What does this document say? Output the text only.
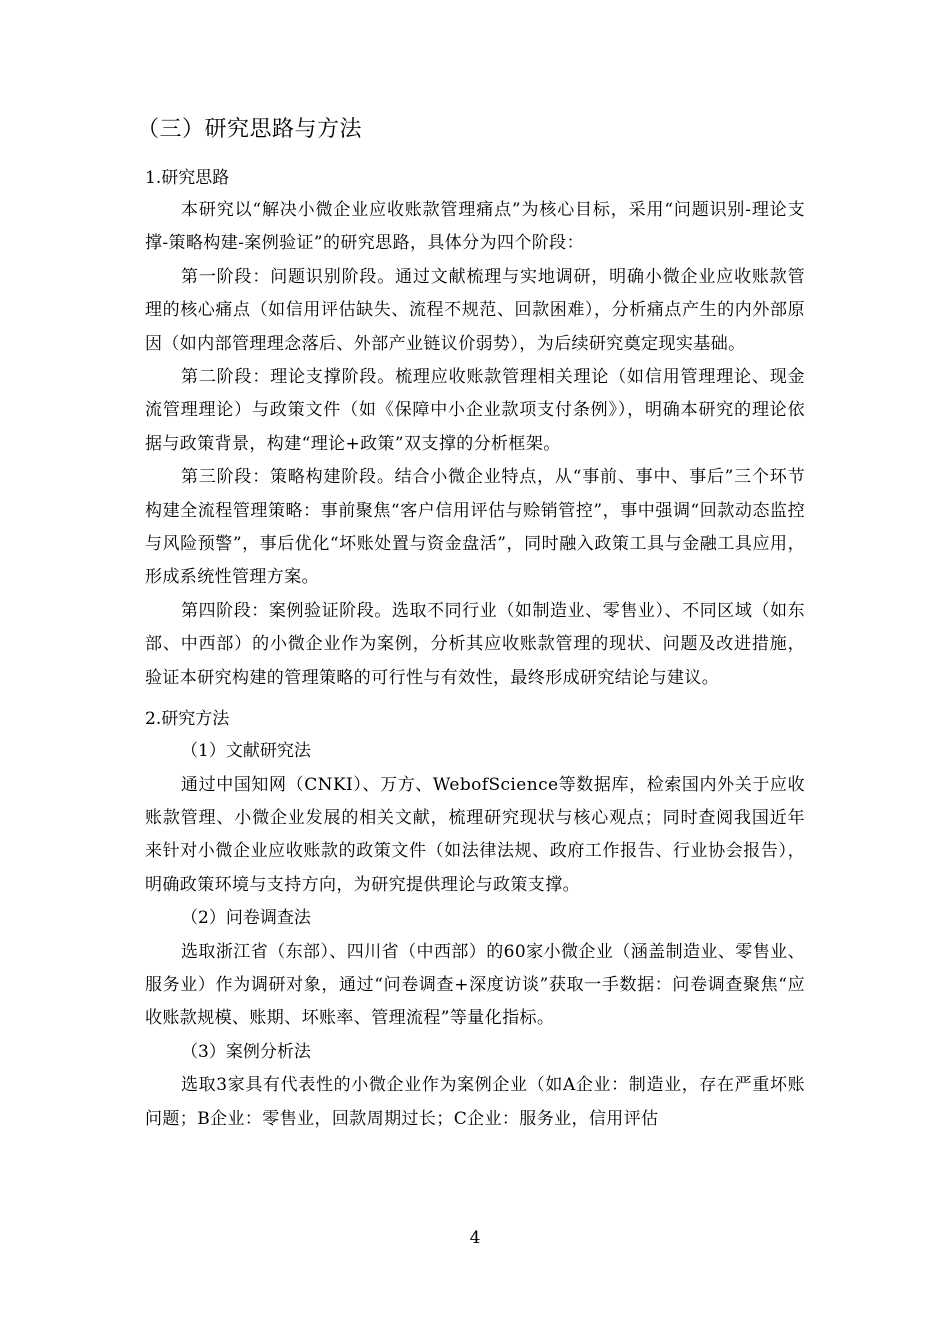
（三）研究思路与方法

1.研究思路

本研究以“解决小微企业应收账款管理痛点”为核心目标，采用“问题识别-理论支撑-策略构建-案例验证”的研究思路，具体分为四个阶段：

第一阶段：问题识别阶段。通过文献梳理与实地调研，明确小微企业应收账款管理的核心痛点（如信用评估缺失、流程不规范、回款困难），分析痛点产生的内外部原因（如内部管理理念落后、外部产业链议价弱势），为后续研究奠定现实基础。

第二阶段：理论支撑阶段。梳理应收账款管理相关理论（如信用管理理论、现金流管理理论）与政策文件（如《保障中小企业款项支付条例》），明确本研究的理论依据与政策背景，构建“理论+政策”双支撑的分析框架。

第三阶段：策略构建阶段。结合小微企业特点，从“事前、事中、事后”三个环节构建全流程管理策略：事前聚焦“客户信用评估与赊销管控”，事中强调“回款动态监控与风险预警”，事后优化“坏账处置与资金盘活”，同时融入政策工具与金融工具应用，形成系统性管理方案。

第四阶段：案例验证阶段。选取不同行业（如制造业、零售业）、不同区域（如东部、中西部）的小微企业作为案例，分析其应收账款管理的现状、问题及改进措施，验证本研究构建的管理策略的可行性与有效性，最终形成研究结论与建议。

2.研究方法

（1）文献研究法

通过中国知网（CNKI）、万方、WebofScience等数据库，检索国内外关于应收账款管理、小微企业发展的相关文献，梳理研究现状与核心观点；同时查阅我国近年来针对小微企业应收账款的政策文件（如法律法规、政府工作报告、行业协会报告），明确政策环境与支持方向，为研究提供理论与政策支撑。

（2）问卷调查法

选取浙江省（东部）、四川省（中西部）的60家小微企业（涵盖制造业、零售业、服务业）作为调研对象，通过“问卷调查+深度访谈”获取一手数据：问卷调查聚焦“应收账款规模、账期、坏账率、管理流程”等量化指标。

（3）案例分析法

选取3家具有代表性的小微企业作为案例企业（如A企业：制造业，存在严重坏账问题；B企业：零售业，回款周期过长；C企业：服务业，信用评估

4
